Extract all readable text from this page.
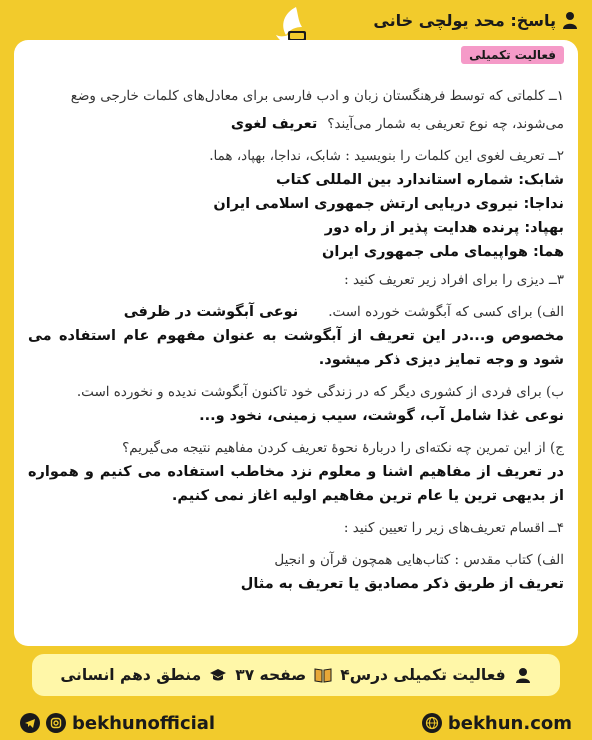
پاسخ: محد یولچی خانی
فعالیت تکمیلی
۱ــ کلماتی که توسط فرهنگستان زبان و ادب فارسی برای معادل‌های کلمات خارجی وضع
می‌شوند، چه نوع تعریفی به شمار می‌آیند؟
تعریف لغوی
۲ــ تعریف لغوی این کلمات را بنویسید : شابک، نداجا، بهپاد، هما.
شابک: شماره استاندارد بین المللی کتاب
نداجا: نیروی دریایی ارتش جمهوری اسلامی ایران
بهپاد: پرنده هدایت پذیر از راه دور
هما: هواپیمای ملی جمهوری ایران
۳ــ دیزی را برای افراد زیر تعریف کنید :
الف) برای کسی که آبگوشت خورده است.
نوعی آبگوشت در ظرفی
مخصوص و...در این تعریف از آبگوشت به عنوان مفهوم عام استفاده می شود و وجه تمایز دیزی ذکر میشود.
ب) برای فردی از کشوری دیگر که در زندگی خود تاکنون آبگوشت ندیده و نخورده است.
نوعی غذا شامل آب، گوشت، سیب زمینی، نخود و...
ج) از این تمرین چه نکته‌ای را دربارهٔ نحوهٔ تعریف کردن مفاهیم نتیجه می‌گیریم؟
در تعریف از مفاهیم اشنا و معلوم نزد مخاطب استفاده می کنیم و همواره از بدیهی ترین یا عام ترین مفاهیم اولیه اغاز نمی کنیم.
۴ــ اقسام تعریف‌های زیر را تعیین کنید :
الف) کتاب مقدس : کتاب‌هایی همچون قرآن و انجیل
تعریف از طریق ذکر مصادیق یا تعریف به مثال
فعالیت تکمیلی درس۴
صفحه ۳۷
منطق دهم انسانی
bekhunofficial	bekhun.com
